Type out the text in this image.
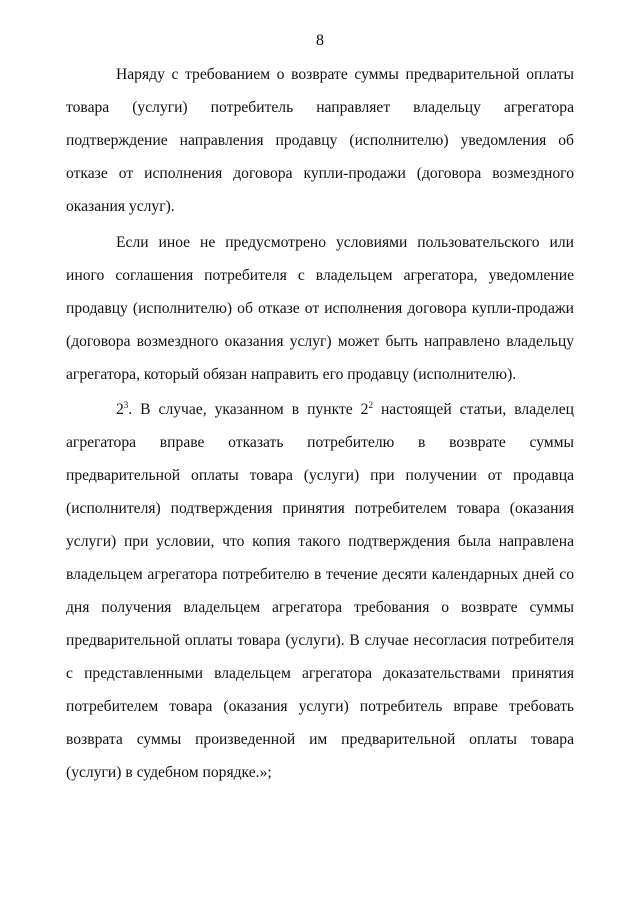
8
Наряду с требованием о возврате суммы предварительной оплаты
товара (услуги) потребитель направляет владельцу агрегатора
подтверждение направления продавцу (исполнителю) уведомления об
отказе от исполнения договора купли-продажи (договора возмездного
оказания услуг).
Если иное не предусмотрено условиями пользовательского или
иного соглашения потребителя с владельцем агрегатора, уведомление
продавцу (исполнителю) об отказе от исполнения договора купли-продажи
(договора возмездного оказания услуг) может быть направлено владельцу
агрегатора, который обязан направить его продавцу (исполнителю).
$2^3$. В случае, указанном в пункте $2^2$ настоящей статьи, владелец
агрегатора вправе отказать потребителю в возврате суммы
предварительной оплаты товара (услуги) при получении от продавца
(исполнителя) подтверждения принятия потребителем товара (оказания
услуги) при условии, что копия такого подтверждения была направлена
владельцем агрегатора потребителю в течение десяти календарных дней со
дня получения владельцем агрегатора требования о возврате суммы
предварительной оплаты товара (услуги). В случае несогласия потребителя
с представленными владельцем агрегатора доказательствами принятия
потребителем товара (оказания услуги) потребитель вправе требовать
возврата суммы произведенной им предварительной оплаты товара
(услуги) в судебном порядке.»;
